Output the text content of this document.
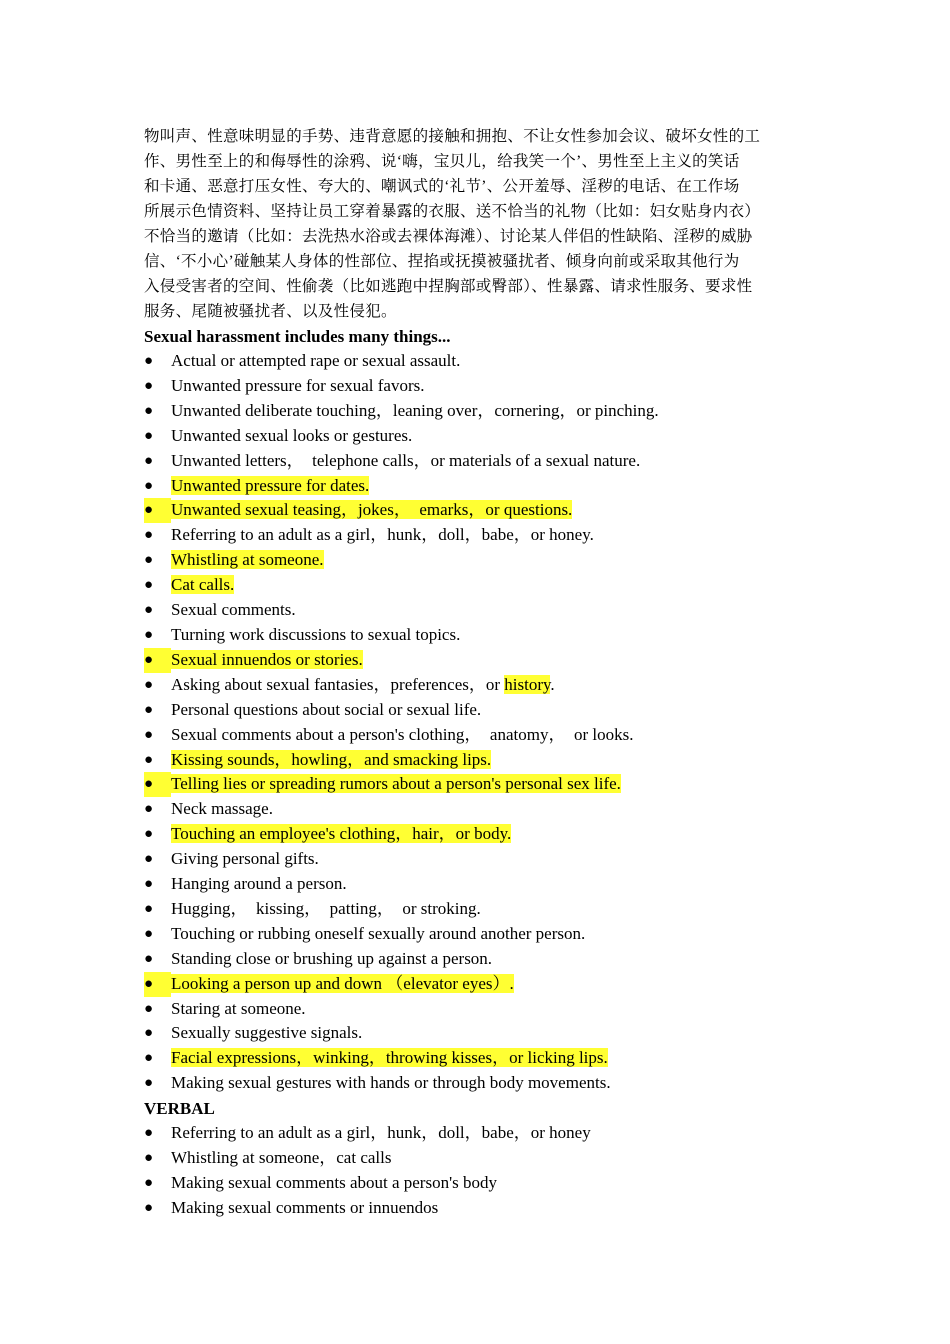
物叫声、性意味明显的手势、违背意愿的接触和拥抱、不让女性参加会议、破坏女性的工
作、男性至上的和侮辱性的涂鸦、说‘嗨，宝贝儿，给我笑一个’、男性至上主义的笑话
和卡通、恶意打压女性、夸大的、嘲讽式的‘礼节’、公开羞辱、淫秽的电话、在工作场
所展示色情资料、坚持让员工穿着暴露的衣服、送不恰当的礼物（比如：妇女贴身内衣）
不恰当的邀请（比如：去洗热水浴或去裸体海滩）、讨论某人伴侣的性缺陷、淫秽的威胁
信、‘不小心’碰触某人身体的性部位、捏掐或抚摸被骚扰者、倾身向前或采取其他行为
入侵受害者的空间、性偷袭（比如逃跑中捏胸部或臀部）、性暴露、请求性服务、要求性
服务、尾随被骚扰者、以及性侵犯。

Sexual harassment includes many things...

●	Actual or attempted rape or sexual assault.
●	Unwanted pressure for sexual favors.
●	Unwanted deliberate touching，leaning over，cornering，or pinching.
●	Unwanted sexual looks or gestures.
●	Unwanted letters，　telephone calls，or materials of a sexual nature.
●	Unwanted pressure for dates.
●	Unwanted sexual teasing，jokes，　emarks，or questions.
●	Referring to an adult as a girl，hunk，doll，babe，or honey.
●	Whistling at someone.
●	Cat calls.
●	Sexual comments.
●	Turning work discussions to sexual topics.
●	Sexual innuendos or stories.
●	Asking about sexual fantasies，preferences，or history.
●	Personal questions about social or sexual life.
●	Sexual comments about a person's clothing，　anatomy，　or looks.
●	Kissing sounds，howling，and smacking lips.
●	Telling lies or spreading rumors about a person's personal sex life.
●	Neck massage.
●	Touching an employee's clothing，hair，or body.
●	Giving personal gifts.
●	Hanging around a person.
●	Hugging，　kissing，　patting，　or stroking.
●	Touching or rubbing oneself sexually around another person.
●	Standing close or brushing up against a person.
●	Looking a person up and down （elevator eyes）.
●	Staring at someone.
●	Sexually suggestive signals.
●	Facial expressions，winking，throwing kisses，or licking lips.
●	Making sexual gestures with hands or through body movements.

VERBAL

●	Referring to an adult as a girl，hunk，doll，babe，or honey
●	Whistling at someone，cat calls
●	Making sexual comments about a person's body
●	Making sexual comments or innuendos
